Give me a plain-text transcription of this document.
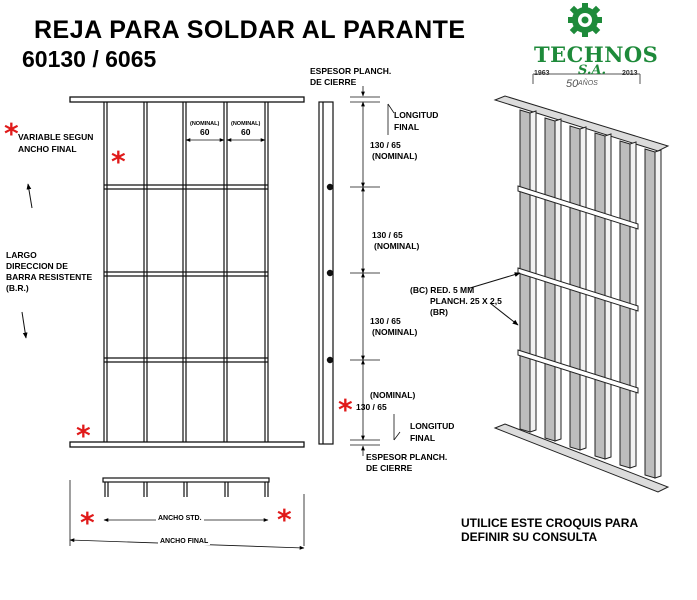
REJA PARA SOLDAR AL PARANTE
60130 / 6065	TECHNOS
S.A.
1963	2013
50 AÑOS
*
*
*
*
*	*
VARIABLE SEGUN
ANCHO FINAL
LARGO
DIRECCION DE
BARRA RESISTENTE
(B.R.)
(NOMINAL)
60
(NOMINAL)
60
ESPESOR PLANCH.
DE CIERRE
LONGITUD
FINAL
130 / 65
(NOMINAL)
130 / 65
(NOMINAL)
130 / 65
(NOMINAL)
(NOMINAL)
130 / 65
LONGITUD
FINAL
ESPESOR PLANCH.
DE CIERRE
(BC) RED. 5 MM
PLANCH. 25 X 2,5
(BR)
ANCHO STD.
ANCHO FINAL
UTILICE ESTE CROQUIS PARA
DEFINIR SU CONSULTA
